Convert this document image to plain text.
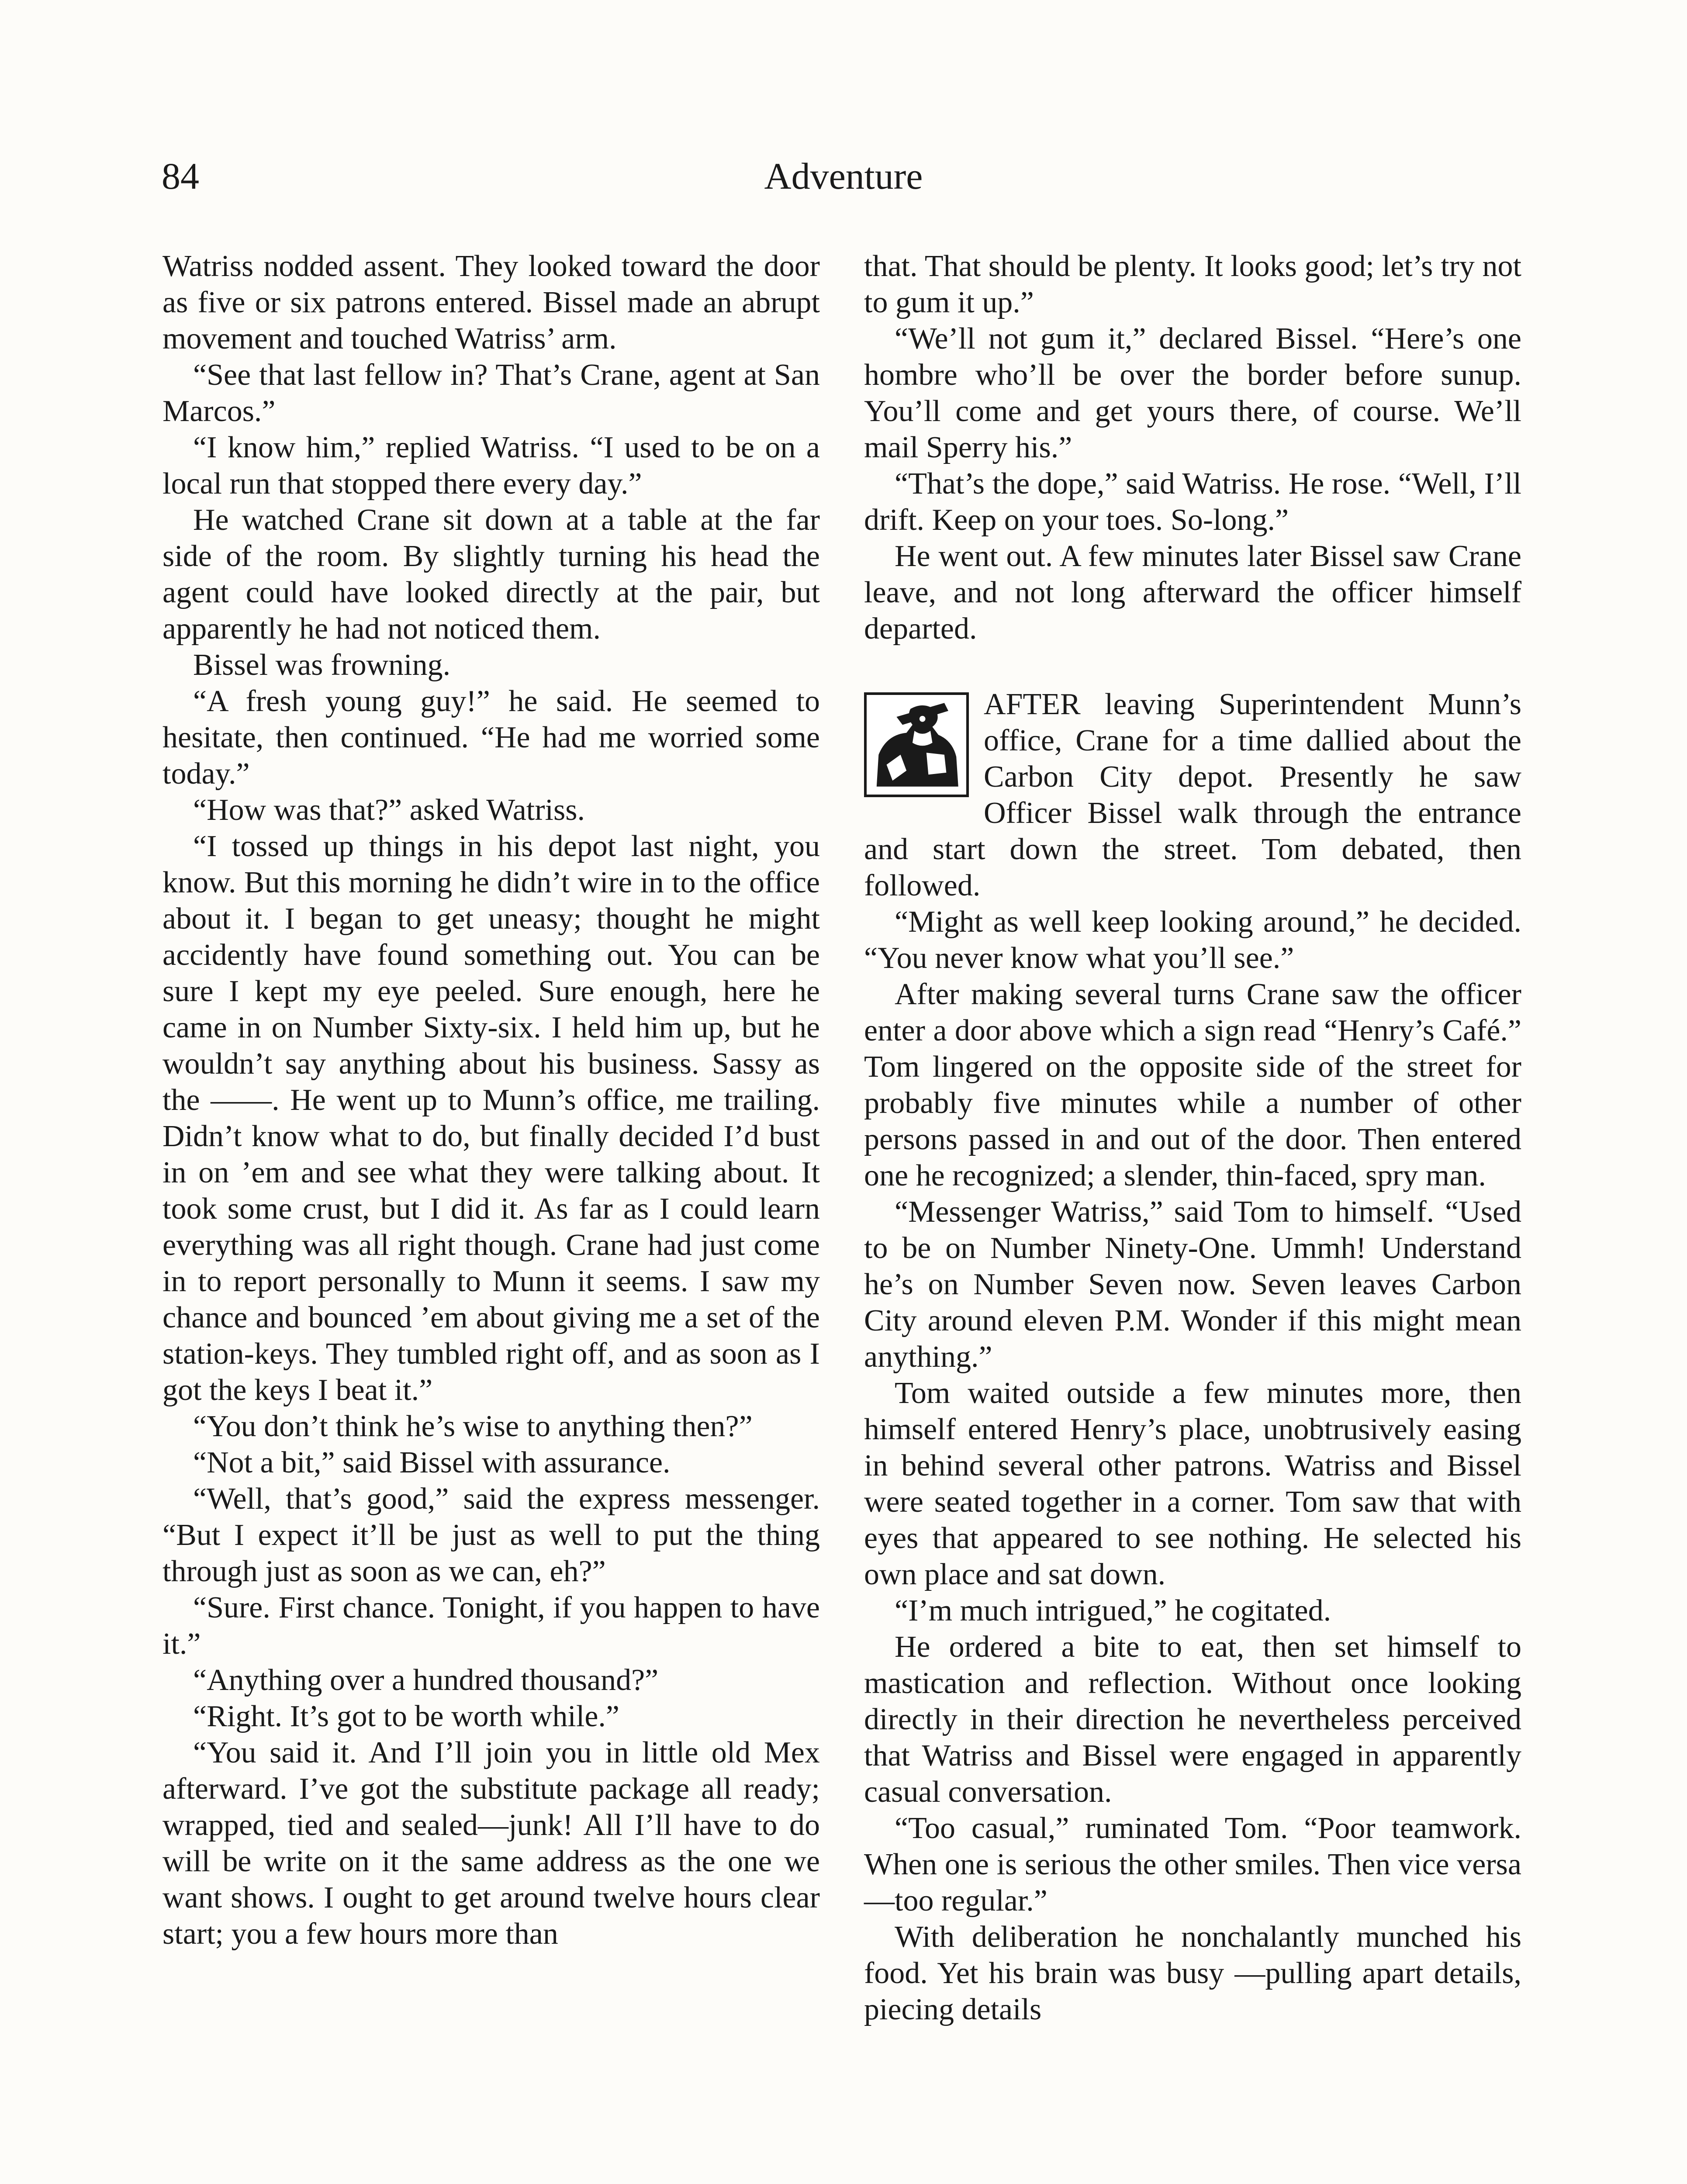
84	Adventure

Watriss nodded assent. They looked toward the door as five or six patrons entered. Bissel made an abrupt movement and touched Watriss’ arm.

“See that last fellow in? That’s Crane, agent at San Marcos.”

“I know him,” replied Watriss. “I used to be on a local run that stopped there every day.”

He watched Crane sit down at a table at the far side of the room. By slightly turning his head the agent could have looked directly at the pair, but apparently he had not noticed them.

Bissel was frowning.

“A fresh young guy!” he said. He seemed to hesitate, then continued. “He had me worried some today.”

“How was that?” asked Watriss.

“I tossed up things in his depot last night, you know. But this morning he didn’t wire in to the office about it. I began to get uneasy; thought he might accidently have found something out. You can be sure I kept my eye peeled. Sure enough, here he came in on Number Sixty-six. I held him up, but he wouldn’t say anything about his business. Sassy as the ——. He went up to Munn’s office, me trailing. Didn’t know what to do, but finally decided I’d bust in on ’em and see what they were talking about. It took some crust, but I did it. As far as I could learn everything was all right though. Crane had just come in to report personally to Munn it seems. I saw my chance and bounced ’em about giving me a set of the station-keys. They tumbled right off, and as soon as I got the keys I beat it.”

“You don’t think he’s wise to anything then?”

“Not a bit,” said Bissel with assurance.

“Well, that’s good,” said the express messenger. “But I expect it’ll be just as well to put the thing through just as soon as we can, eh?”

“Sure. First chance. Tonight, if you happen to have it.”

“Anything over a hundred thousand?”

“Right. It’s got to be worth while.”

“You said it. And I’ll join you in little old Mex afterward. I’ve got the substitute package all ready; wrapped, tied and sealed—junk! All I’ll have to do will be write on it the same address as the one we want shows. I ought to get around twelve hours clear start; you a few hours more than

that. That should be plenty. It looks good; let’s try not to gum it up.”

“We’ll not gum it,” declared Bissel. “Here’s one hombre who’ll be over the border before sunup. You’ll come and get yours there, of course. We’ll mail Sperry his.”

“That’s the dope,” said Watriss. He rose. “Well, I’ll drift. Keep on your toes. So-long.”

He went out. A few minutes later Bissel saw Crane leave, and not long afterward the officer himself departed.

AFTER leaving Superintendent Munn’s office, Crane for a time dallied about the Carbon City depot. Presently he saw Officer Bissel walk through the entrance and start down the street. Tom debated, then followed.

“Might as well keep looking around,” he decided. “You never know what you’ll see.”

After making several turns Crane saw the officer enter a door above which a sign read “Henry’s Café.” Tom lingered on the opposite side of the street for probably five minutes while a number of other persons passed in and out of the door. Then entered one he recognized; a slender, thin-faced, spry man.

“Messenger Watriss,” said Tom to himself. “Used to be on Number Ninety-One. Ummh! Understand he’s on Number Seven now. Seven leaves Carbon City around eleven P.M. Wonder if this might mean anything.”

Tom waited outside a few minutes more, then himself entered Henry’s place, unobtrusively easing in behind several other patrons. Watriss and Bissel were seated together in a corner. Tom saw that with eyes that appeared to see nothing. He selected his own place and sat down.

“I’m much intrigued,” he cogitated.

He ordered a bite to eat, then set himself to mastication and reflection. Without once looking directly in their direction he nevertheless perceived that Watriss and Bissel were engaged in apparently casual conversation.

“Too casual,” ruminated Tom. “Poor teamwork. When one is serious the other smiles. Then vice versa—too regular.”

With deliberation he nonchalantly munched his food. Yet his brain was busy —pulling apart details, piecing details
